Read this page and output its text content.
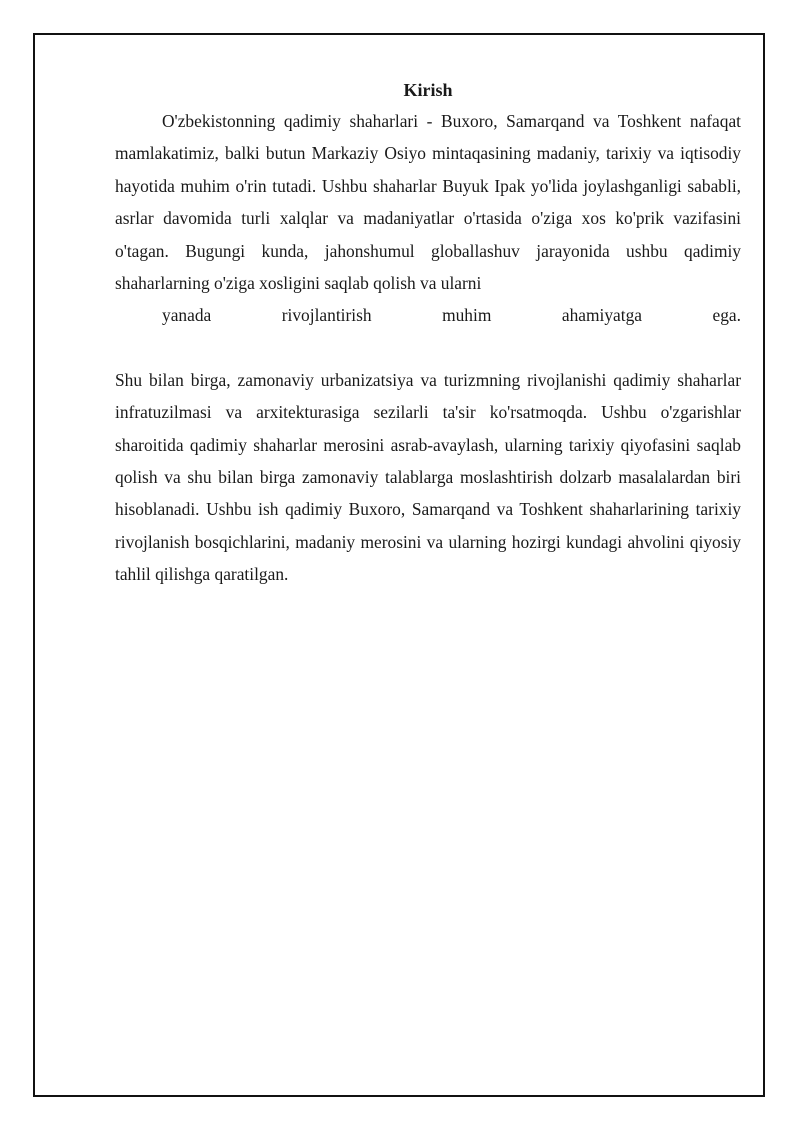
Kirish

O'zbekistonning qadimiy shaharlari - Buxoro, Samarqand va Toshkent nafaqat mamlakatimiz, balki butun Markaziy Osiyo mintaqasining madaniy, tarixiy va iqtisodiy hayotida muhim o'rin tutadi. Ushbu shaharlar Buyuk Ipak yo'lida joylashganligi sababli, asrlar davomida turli xalqlar va madaniyatlar o'rtasida o'ziga xos ko'prik vazifasini o'tagan. Bugungi kunda, jahonshumul globallashuv jarayonida ushbu qadimiy shaharlarning o'ziga xosligini saqlab qolish va ularni
yanada rivojlantirish muhim ahamiyatga ega.

Shu bilan birga, zamonaviy urbanizatsiya va turizmning rivojlanishi qadimiy shaharlar infratuzilmasi va arxitekturasiga sezilarli ta'sir ko'rsatmoqda. Ushbu o'zgarishlar sharoitida qadimiy shaharlar merosini asrab-avaylash, ularning tarixiy qiyofasini saqlab qolish va shu bilan birga zamonaviy talablarga moslashtirish dolzarb masalalardan biri hisoblanadi. Ushbu ish qadimiy Buxoro, Samarqand va Toshkent shaharlarining tarixiy rivojlanish bosqichlarini, madaniy merosini va ularning hozirgi kundagi ahvolini qiyosiy tahlil qilishga qaratilgan.
